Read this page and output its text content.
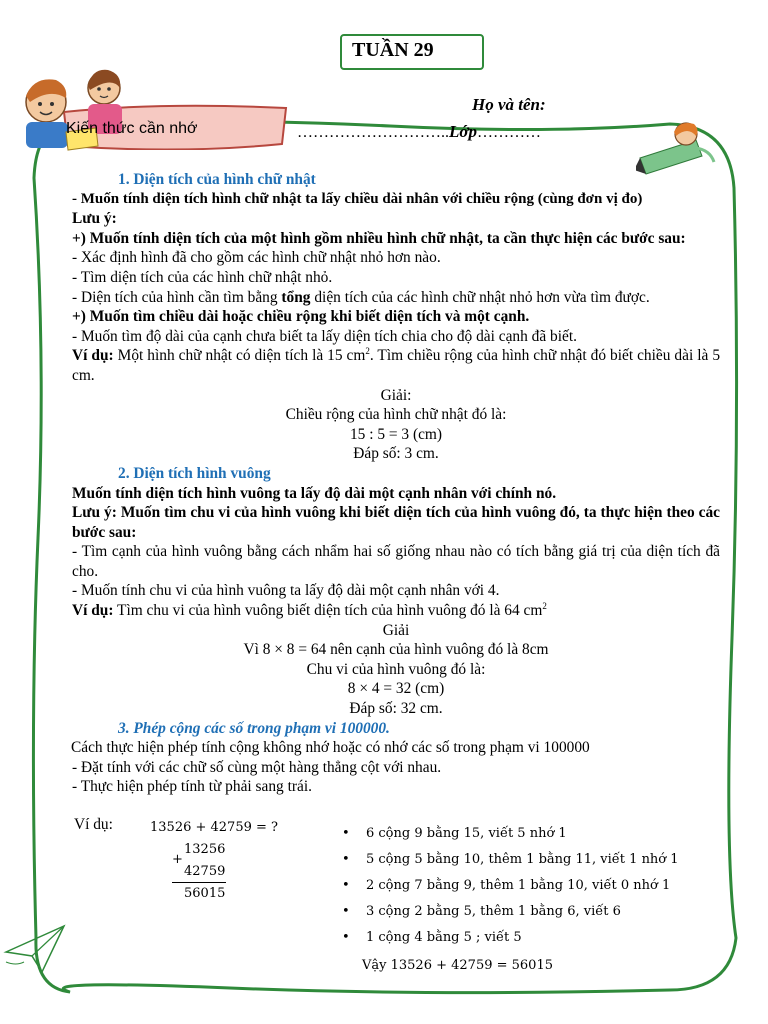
TUẦN 29
Họ và tên:
………………………..Lớp…………
Kiến thức cần nhớ

1. Diện tích của hình chữ nhật

- Muốn tính diện tích hình chữ nhật ta lấy chiều dài nhân với chiều rộng (cùng đơn vị đo)

Lưu ý:

+) Muốn tính diện tích của một hình gồm nhiều hình chữ nhật, ta cần thực hiện các bước sau:

- Xác định hình đã cho gồm các hình chữ nhật nhỏ hơn nào.

- Tìm diện tích của các hình chữ nhật nhỏ.

- Diện tích của hình cần tìm bằng tổng diện tích của các hình chữ nhật nhỏ hơn vừa tìm được.

+) Muốn tìm chiều dài hoặc chiều rộng khi biết diện tích và một cạnh.

- Muốn tìm độ dài của cạnh chưa biết ta lấy diện tích chia cho độ dài cạnh đã biết.

Ví dụ: Một hình chữ nhật có diện tích là 15 $cm^2$. Tìm chiều rộng của hình chữ nhật đó biết chiều dài là 5 cm.

Giải:

Chiều rộng của hình chữ nhật đó là:

15 : 5 = 3 (cm)

Đáp số: 3 cm.

2. Diện tích hình vuông

Muốn tính diện tích hình vuông ta lấy độ dài một cạnh nhân với chính nó.

Lưu ý: Muốn tìm chu vi của hình vuông khi biết diện tích của hình vuông đó, ta thực hiện theo các bước sau:

- Tìm cạnh của hình vuông bằng cách nhẩm hai số giống nhau nào có tích bằng giá trị của diện tích đã cho.

- Muốn tính chu vi của hình vuông ta lấy độ dài một cạnh nhân với 4.

Ví dụ: Tìm chu vi của hình vuông biết diện tích của hình vuông đó là 64 $cm^2$

Giải

Vì 8 × 8 = 64 nên cạnh của hình vuông đó là 8cm

Chu vi của hình vuông đó là:

8 × 4 = 32 (cm)

Đáp số: 32 cm.

3. Phép cộng các số trong phạm vi 100000.

Cách thực hiện phép tính cộng không nhớ hoặc có nhớ các số trong phạm vi 100000

- Đặt tính với các chữ số cùng một hàng thẳng cột với nhau.

- Thực hiện phép tính từ phải sang trái.

Ví dụ:	13526 + 42759 = ?
13256
+
42759
56015
• 6 cộng 9 bằng 15, viết 5 nhớ 1
• 5 cộng 5 bằng 10, thêm 1 bằng 11, viết 1 nhớ 1
• 2 cộng 7 bằng 9, thêm 1 bằng 10, viết 0 nhớ 1
• 3 cộng 2 bằng 5, thêm 1 bằng 6, viết 6
• 1 cộng 4 bằng 5 ; viết 5
Vậy 13526 + 42759 = 56015
